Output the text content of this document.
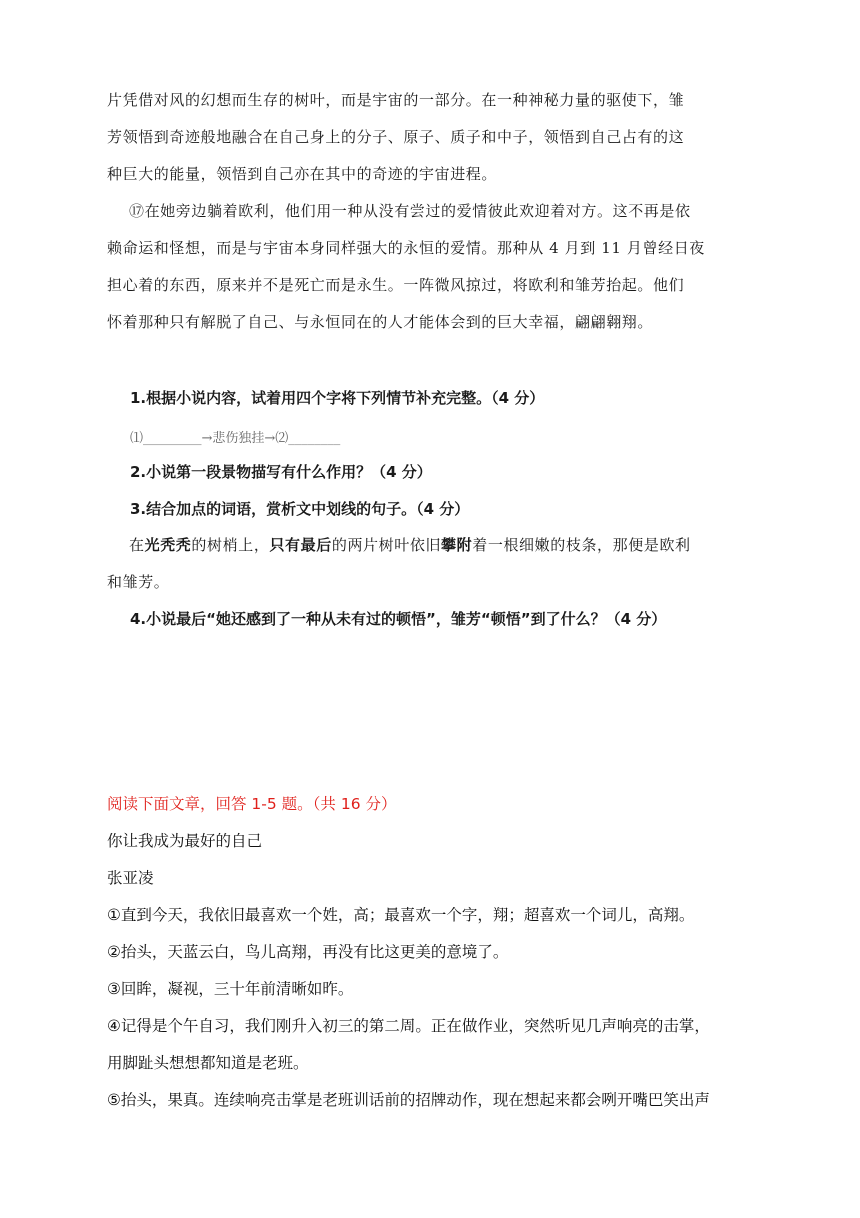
片凭借对风的幻想而生存的树叶，而是宇宙的一部分。在一种神秘力量的驱使下，雏
芳领悟到奇迹般地融合在自己身上的分子、原子、质子和中子，领悟到自己占有的这
种巨大的能量，领悟到自己亦在其中的奇迹的宇宙进程。
⑰在她旁边躺着欧利，他们用一种从没有尝过的爱情彼此欢迎着对方。这不再是依
赖命运和怪想，而是与宇宙本身同样强大的永恒的爱情。那种从 4 月到 11 月曾经日夜
担心着的东西，原来并不是死亡而是永生。一阵微风掠过，将欧利和雏芳抬起。他们
怀着那种只有解脱了自己、与永恒同在的人才能体会到的巨大幸福，翩翩翱翔。

1.根据小说内容，试着用四个字将下列情节补充完整。（4 分）

⑴_________→悲伤独挂→⑵________

2.小说第一段景物描写有什么作用？（4 分）

3.结合加点的词语，赏析文中划线的句子。（4 分）

在光秃秃的树梢上，只有最后的两片树叶依旧攀附着一根细嫩的枝条，那便是欧利
和雏芳。

4.小说最后“她还感到了一种从未有过的顿悟”，雏芳“顿悟”到了什么？（4 分）

阅读下面文章，回答 1-5 题。（共 16 分）

你让我成为最好的自己

张亚凌

①直到今天，我依旧最喜欢一个姓，高；最喜欢一个字，翔；超喜欢一个词儿，高翔。

②抬头，天蓝云白，鸟儿高翔，再没有比这更美的意境了。

③回眸，凝视，三十年前清晰如昨。

④记得是个午自习，我们刚升入初三的第二周。正在做作业，突然听见几声响亮的击掌，

用脚趾头想想都知道是老班。

⑤抬头，果真。连续响亮击掌是老班训话前的招牌动作，现在想起来都会咧开嘴巴笑出声
